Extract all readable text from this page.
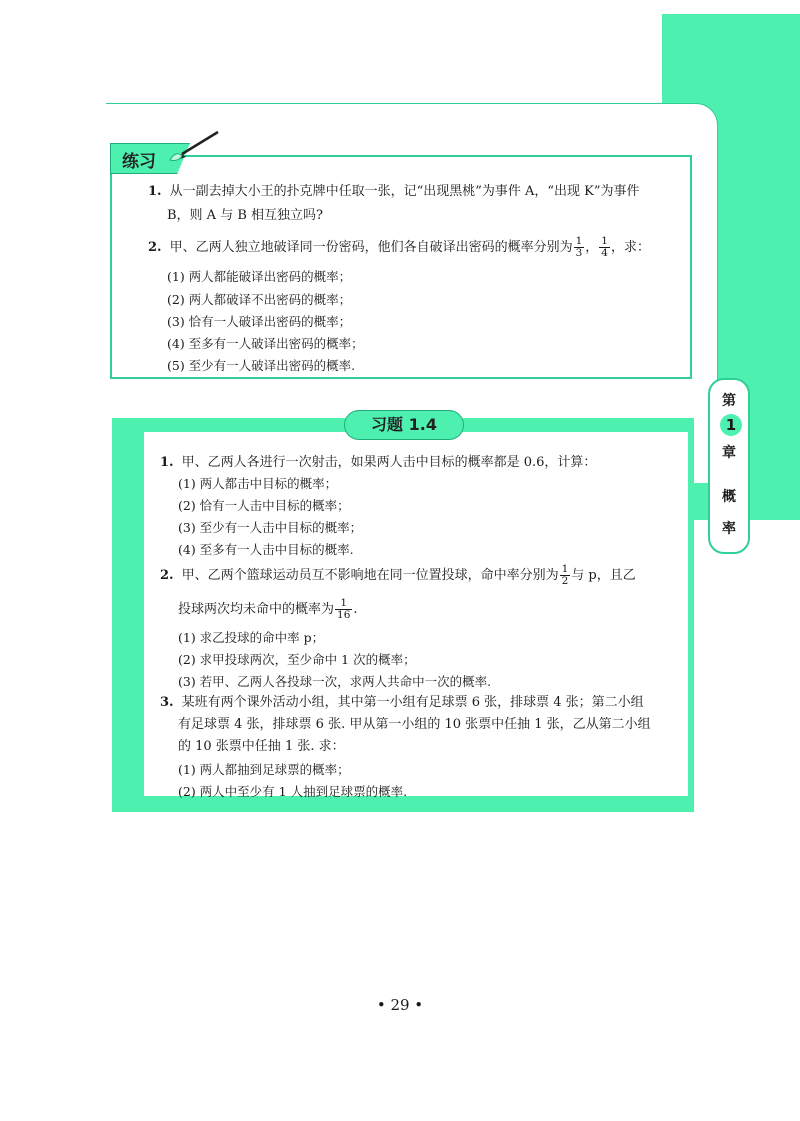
练习
1. 从一副去掉大小王的扑克牌中任取一张，记“出现黑桃”为事件 A，“出现 K”为事件
B，则 A 与 B 相互独立吗?
2. 甲、乙两人独立地破译同一份密码，他们各自破译出密码的概率分别为 $\frac{1}{3}$ ， $\frac{1}{4}$ ，求：
(1) 两人都能破译出密码的概率；
(2) 两人都破译不出密码的概率；
(3) 恰有一人破译出密码的概率；
(4) 至多有一人破译出密码的概率；
(5) 至少有一人破译出密码的概率.
第
1
章
概
率
习题 1.4
1. 甲、乙两人各进行一次射击，如果两人击中目标的概率都是 0.6，计算：
(1) 两人都击中目标的概率；
(2) 恰有一人击中目标的概率；
(3) 至少有一人击中目标的概率；
(4) 至多有一人击中目标的概率.
2. 甲、乙两个篮球运动员互不影响地在同一位置投球，命中率分别为 $\frac{1}{2}$ 与 p，且乙
投球两次均未命中的概率为 $\frac{1}{16}$ .
(1) 求乙投球的命中率 p；
(2) 求甲投球两次，至少命中 1 次的概率；
(3) 若甲、乙两人各投球一次，求两人共命中一次的概率.
3. 某班有两个课外活动小组，其中第一小组有足球票 6 张，排球票 4 张；第二小组
有足球票 4 张，排球票 6 张. 甲从第一小组的 10 张票中任抽 1 张，乙从第二小组
的 10 张票中任抽 1 张. 求：
(1) 两人都抽到足球票的概率；
(2) 两人中至少有 1 人抽到足球票的概率.
• 29 •
